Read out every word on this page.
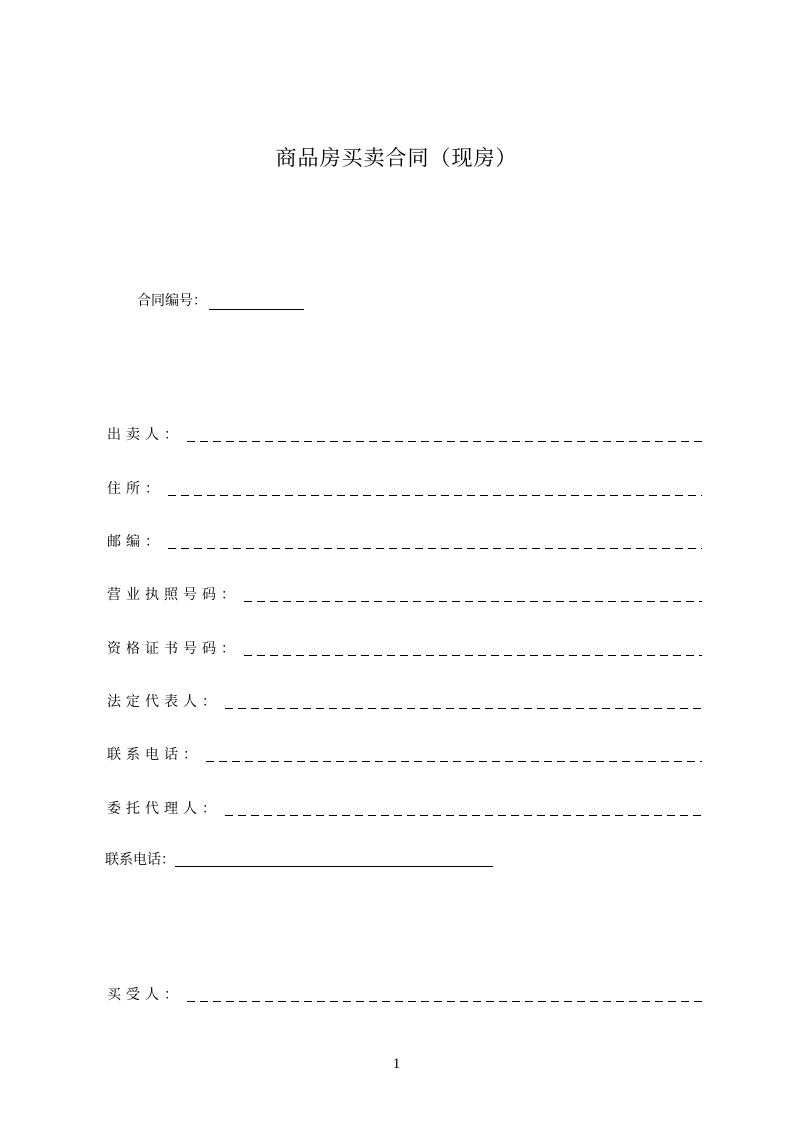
商品房买卖合同（现房）
合同编号：
出卖人：
住所：
邮编：
营业执照号码：
资格证书号码：
法定代表人：
联系电话：
委托代理人：
联系电话：
买受人：
1
